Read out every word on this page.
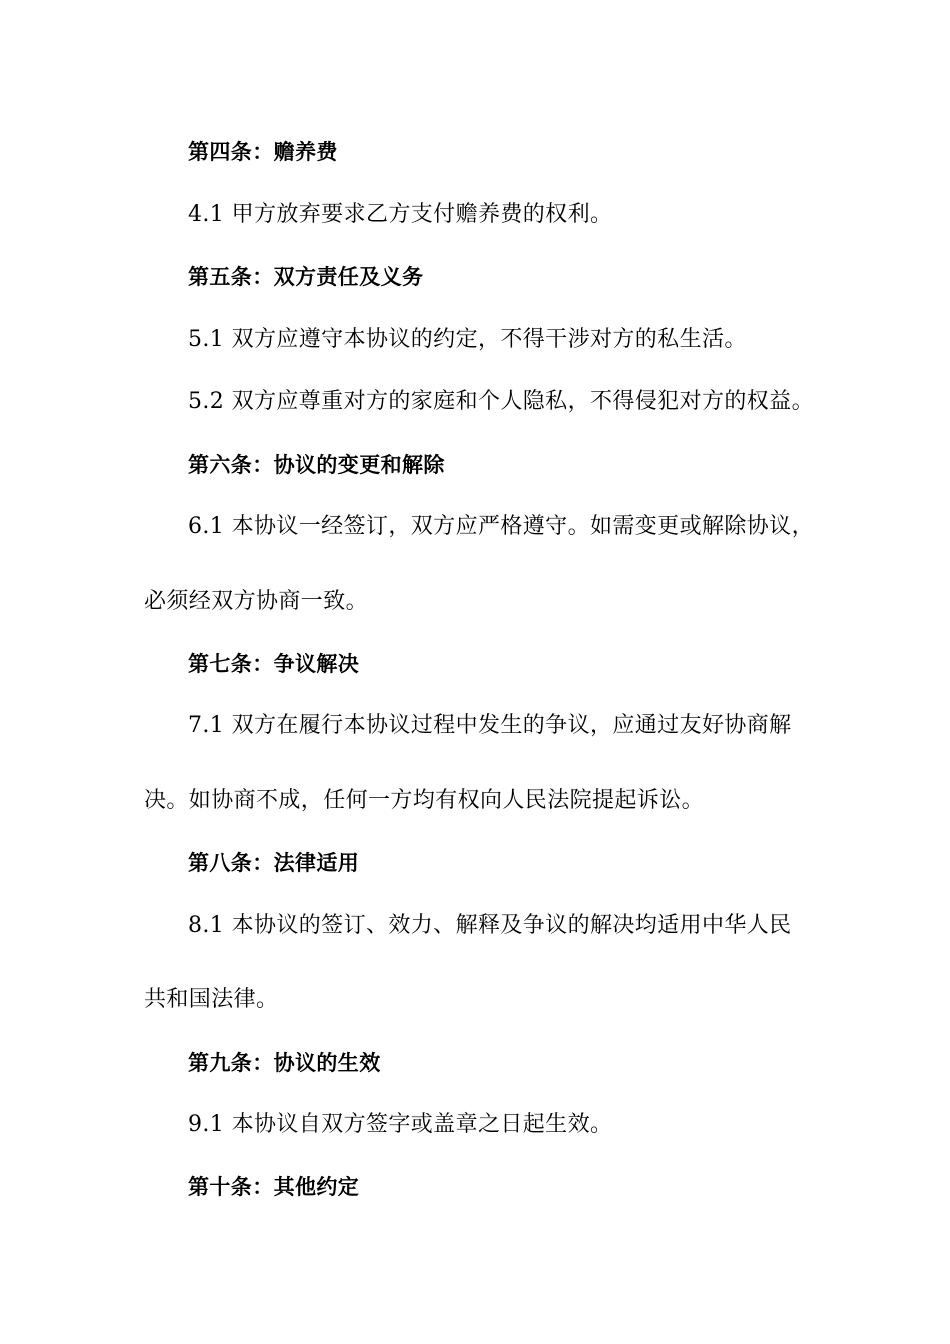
第四条：赡养费
4.1 甲方放弃要求乙方支付赡养费的权利。
第五条：双方责任及义务
5.1 双方应遵守本协议的约定，不得干涉对方的私生活。
5.2 双方应尊重对方的家庭和个人隐私，不得侵犯对方的权益。
第六条：协议的变更和解除
6.1 本协议一经签订，双方应严格遵守。如需变更或解除协议，
必须经双方协商一致。
第七条：争议解决
7.1 双方在履行本协议过程中发生的争议，应通过友好协商解
决。如协商不成，任何一方均有权向人民法院提起诉讼。
第八条：法律适用
8.1 本协议的签订、效力、解释及争议的解决均适用中华人民
共和国法律。
第九条：协议的生效
9.1 本协议自双方签字或盖章之日起生效。
第十条：其他约定
